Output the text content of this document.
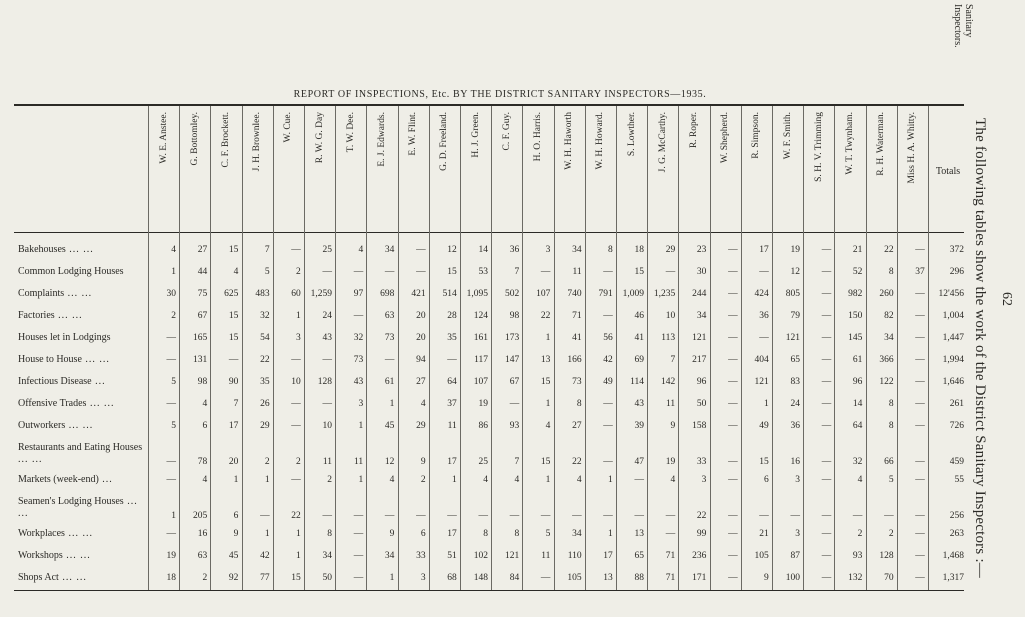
Sanitary Inspectors.
The following tables show the work of the District Sanitary Inspectors :— 62
REPORT OF INSPECTIONS, Etc. BY THE DISTRICT SANITARY INSPECTORS—1935.
W. E. Anstee. G. Bottomley. C. F. Brockett. J. H. Brownlee. W. Cue. R. W. G. Day T. W. Dee. E. J. Edwards. E. W. Flint. G. D. Freeland. H. J. Green. C. F. Guy. H. O. Harris. W. H. Haworth W. H. Howard. S. Lowther. J. G. McCarthy. R. Roper. W. Shepherd. R. Simpson. W. F. Smith. S. H. V. Trimming W. T. Twynham. R. H. Waterman. Miss H. A. Whitty.
Bakehouses ... ...	4	27	15	7	—	25	4	34	—	12	14	36	3	34	8	18	29	23	—	17	19	—	21	22	—	372
Common Lodging Houses	1	44	4	5	2	—	—	—	—	15	53	7	—	11	—	15	—	30	—	—	12	—	52	8	37	296
Complaints ... ...	30	75	625	483	60	1,259	97	698	421	514	1,095	502	107	740	791	1,009	1,235	244	—	424	805	—	982	260	—	12'456
Factories ... ...	2	67	15	32	1	24	—	63	20	28	124	98	22	71	—	46	10	34	—	36	79	—	150	82	—	1,004
Houses let in Lodgings	—	165	15	54	3	43	32	73	20	35	161	173	1	41	56	41	113	121	—	—	121	—	145	34	—	1,447
House to House ... ...	—	131	—	22	—	—	73	—	94	—	117	147	13	166	42	69	7	217	—	404	65	—	61	366	—	1,994
Infectious Disease ...	5	98	90	35	10	128	43	61	27	64	107	67	15	73	49	114	142	96	—	121	83	—	96	122	—	1,646
Offensive Trades ... ...	—	4	7	26	—	—	3	1	4	37	19	—	1	8	—	43	11	50	—	1	24	—	14	8	—	261
Outworkers ... ...	5	6	17	29	—	10	1	45	29	11	86	93	4	27	—	39	9	158	—	49	36	—	64	8	—	726
Restaurants and Eating Houses ... ...	—	78	20	2	2	11	11	12	9	17	25	7	15	22	—	47	19	33	—	15	16	—	32	66	—	459
Markets (week-end) ...	—	4	1	1	—	2	1	4	2	1	4	4	1	4	1	—	4	3	—	6	3	—	4	5	—	55
Seamen's Lodging Houses ... ...	1	205	6	—	22	—	—	—	—	—	—	—	—	—	—	—	—	22	—	—	—	—	—	—	—	256
Workplaces ... ...	—	16	9	1	1	8	—	9	6	17	8	8	5	34	1	13	—	99	—	21	3	—	2	2	—	263
Workshops ... ...	19	63	45	42	1	34	—	34	33	51	102	121	11	110	17	65	71	236	—	105	87	—	93	128	—	1,468
Shops Act ... ...	18	2	92	77	15	50	—	1	3	68	148	84	—	105	13	88	71	171	—	9	100	—	132	70	—	1,317
Totals
